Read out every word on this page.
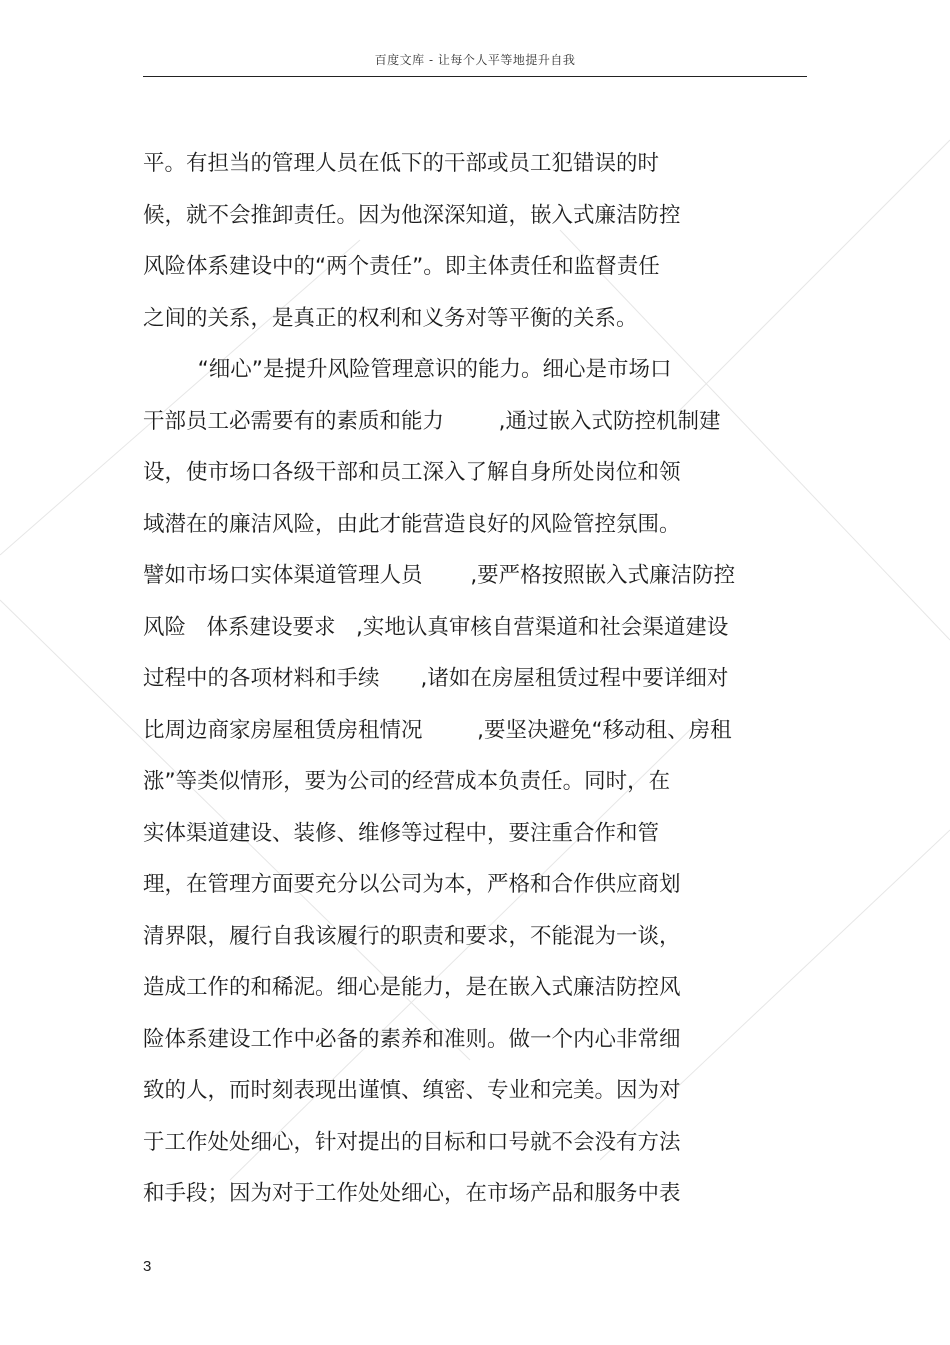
百度文库 - 让每个人平等地提升自我
平。有担当的管理人员在低下的干部或员工犯错误的时
候，就不会推卸责任。因为他深深知道，嵌入式廉洁防控
风险体系建设中的“两个责任”。即主体责任和监督责任
之间的关系，是真正的权利和义务对等平衡的关系。
“细心”是提升风险管理意识的能力。细心是市场口
干部员工必需要有的素质和能力        ,通过嵌入式防控机制建
设，使市场口各级干部和员工深入了解自身所处岗位和领
域潜在的廉洁风险，由此才能营造良好的风险管控氛围。
譬如市场口实体渠道管理人员       ,要严格按照嵌入式廉洁防控
风险   体系建设要求   ,实地认真审核自营渠道和社会渠道建设
过程中的各项材料和手续      ,诸如在房屋租赁过程中要详细对
比周边商家房屋租赁房租情况        ,要坚决避免“移动租、房租
涨”等类似情形，要为公司的经营成本负责任。同时，在
实体渠道建设、装修、维修等过程中，要注重合作和管
理，在管理方面要充分以公司为本，严格和合作供应商划
清界限，履行自我该履行的职责和要求，不能混为一谈，
造成工作的和稀泥。细心是能力，是在嵌入式廉洁防控风
险体系建设工作中必备的素养和准则。做一个内心非常细
致的人，而时刻表现出谨慎、缜密、专业和完美。因为对
于工作处处细心，针对提出的目标和口号就不会没有方法
和手段；因为对于工作处处细心，在市场产品和服务中表
3
